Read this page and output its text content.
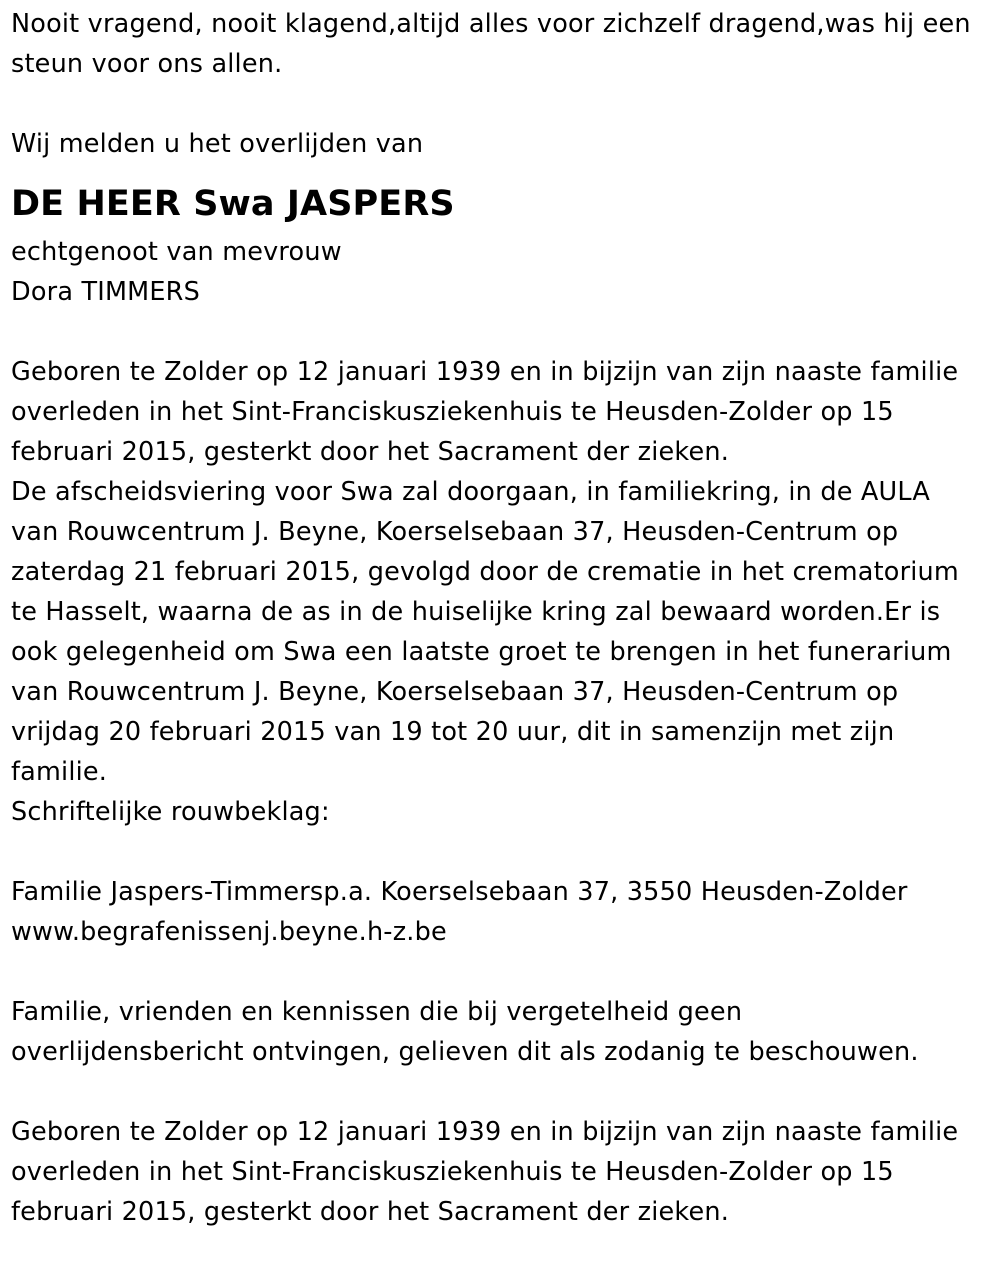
Nooit vragend, nooit klagend,altijd alles voor zichzelf dragend,was hij een
steun voor ons allen.
Wij melden u het overlijden van
DE HEER Swa JASPERS
echtgenoot van mevrouw
Dora TIMMERS
Geboren te Zolder op 12 januari 1939 en in bijzijn van zijn naaste familie
overleden in het Sint-Franciskusziekenhuis te Heusden-Zolder op 15
februari 2015, gesterkt door het Sacrament der zieken.
De afscheidsviering voor Swa zal doorgaan, in familiekring, in de AULA
van Rouwcentrum J. Beyne, Koerselsebaan 37, Heusden-Centrum op
zaterdag 21 februari 2015, gevolgd door de crematie in het crematorium
te Hasselt, waarna de as in de huiselijke kring zal bewaard worden.Er is
ook gelegenheid om Swa een laatste groet te brengen in het funerarium
van Rouwcentrum J. Beyne, Koerselsebaan 37, Heusden-Centrum op
vrijdag 20 februari 2015 van 19 tot 20 uur, dit in samenzijn met zijn
familie.
Schriftelijke rouwbeklag:
Familie Jaspers-Timmersp.a. Koerselsebaan 37, 3550 Heusden-Zolder
www.begrafenissenj.beyne.h-z.be
Familie, vrienden en kennissen die bij vergetelheid geen
overlijdensbericht ontvingen, gelieven dit als zodanig te beschouwen.
Geboren te Zolder op 12 januari 1939 en in bijzijn van zijn naaste familie
overleden in het Sint-Franciskusziekenhuis te Heusden-Zolder op 15
februari 2015, gesterkt door het Sacrament der zieken.
